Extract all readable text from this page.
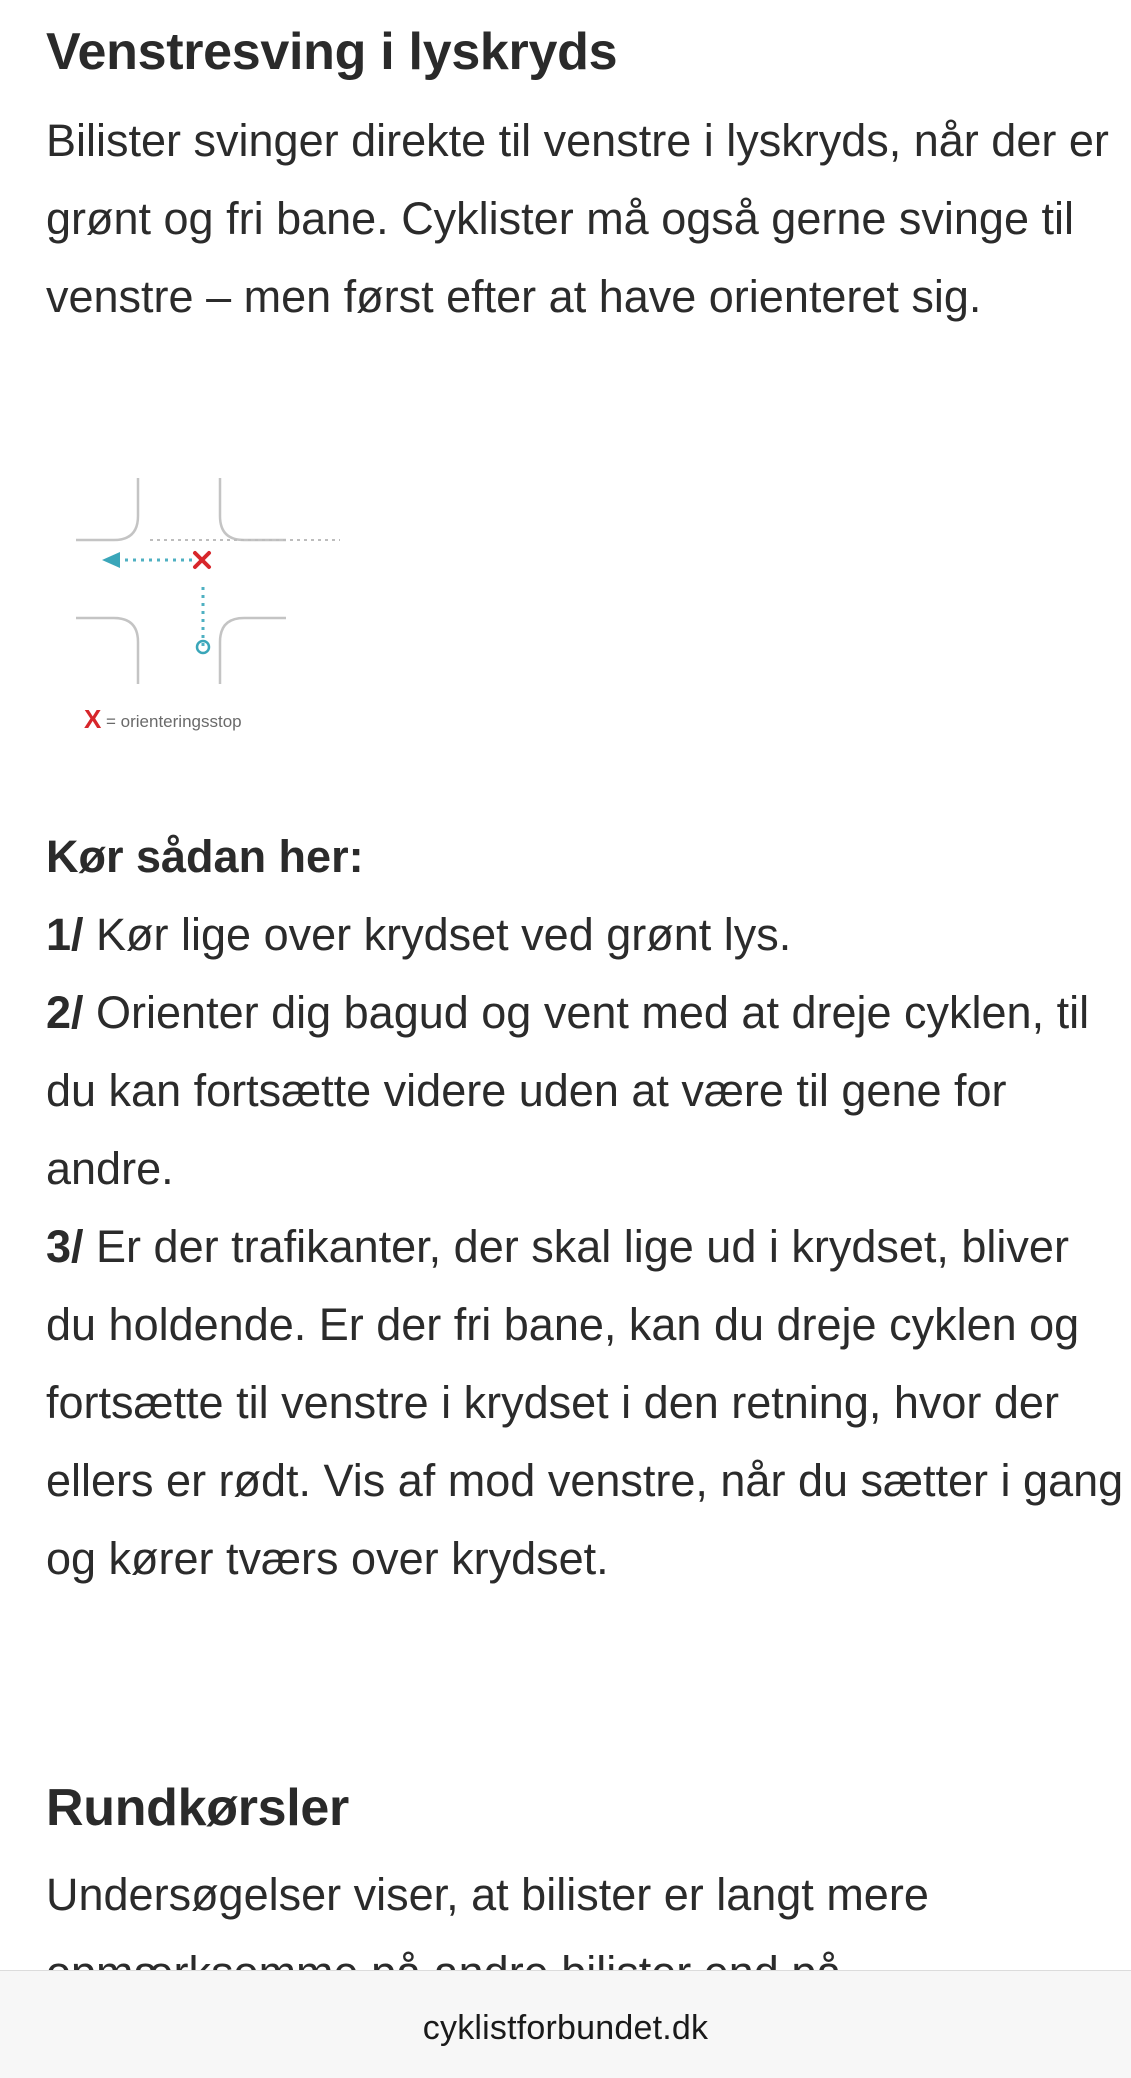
Venstresving i lyskryds

Bilister svinger direkte til venstre i lyskryds, når der er grønt og fri bane. Cyklister må også gerne svinge til venstre – men først efter at have orienteret sig.

Kør sådan her:
1/ Kør lige over krydset ved grønt lys.
2/ Orienter dig bagud og vent med at dreje cyklen, til du kan fortsætte videre uden at være til gene for andre.
3/ Er der trafikanter, der skal lige ud i krydset, bliver du holdende. Er der fri bane, kan du dreje cyklen og fortsætte til venstre i krydset i den retning, hvor der ellers er rødt. Vis af mod venstre, når du sætter i gang og kører tværs over krydset.

Rundkørsler

Undersøgelser viser, at bilister er langt mere

X = orienteringsstop
cyklistforbundet.dk
